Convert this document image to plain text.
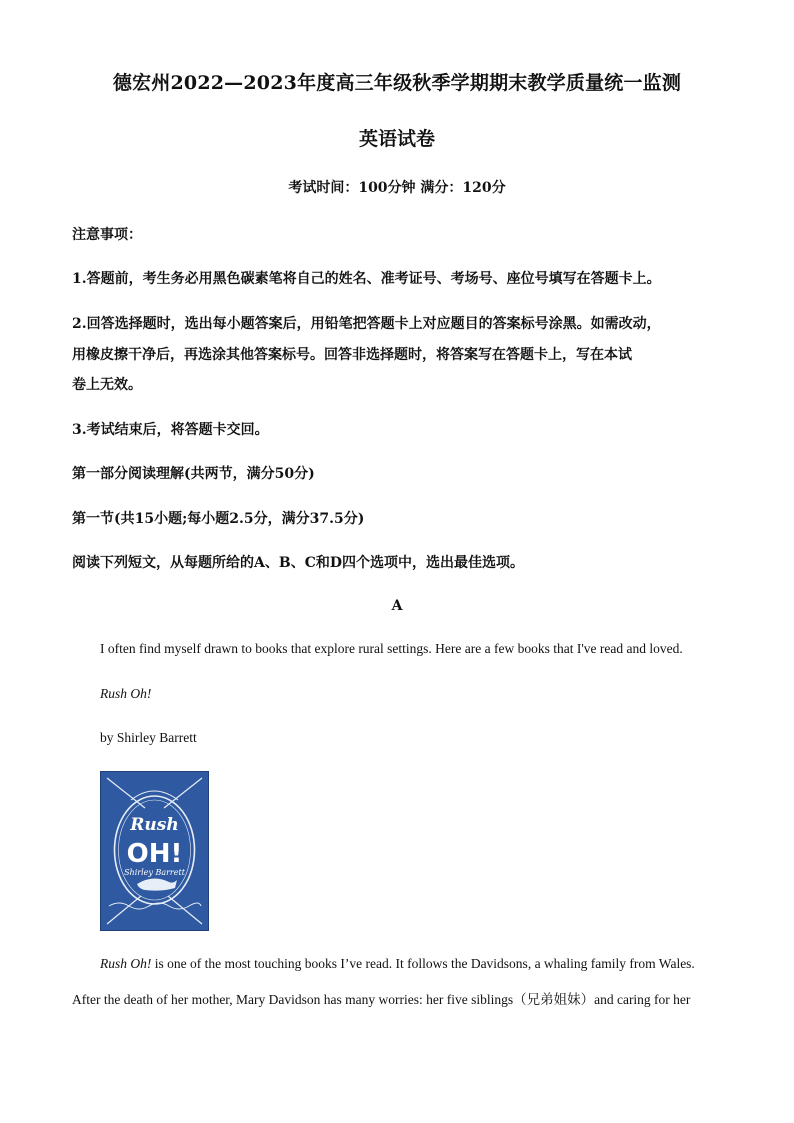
德宏州2022—2023年度高三年级秋季学期期末教学质量统一监测
英语试卷
考试时间：100分钟 满分：120分
注意事项：
1.答题前，考生务必用黑色碳素笔将自己的姓名、准考证号、考场号、座位号填写在答题卡上。
2.回答选择题时，选出每小题答案后，用铅笔把答题卡上对应题目的答案标号涂黑。如需改动，
用橡皮擦干净后，再选涂其他答案标号。回答非选择题时，将答案写在答题卡上，写在本试
卷上无效。
3.考试结束后，将答题卡交回。
第一部分阅读理解(共两节，满分50分)
第一节(共15小题;每小题2.5分，满分37.5分)
阅读下列短文，从每题所给的A、B、C和D四个选项中，选出最佳选项。
A
I often find myself drawn to books that explore rural settings. Here are a few books that I've read and loved.
Rush Oh!
by Shirley Barrett
Rush
OH!
Shirley Barrett
Rush Oh! is one of the most touching books I’ve read. It follows the Davidsons, a whaling family from Wales.
After the death of her mother, Mary Davidson has many worries: her five siblings（兄弟姐妹）and caring for her
